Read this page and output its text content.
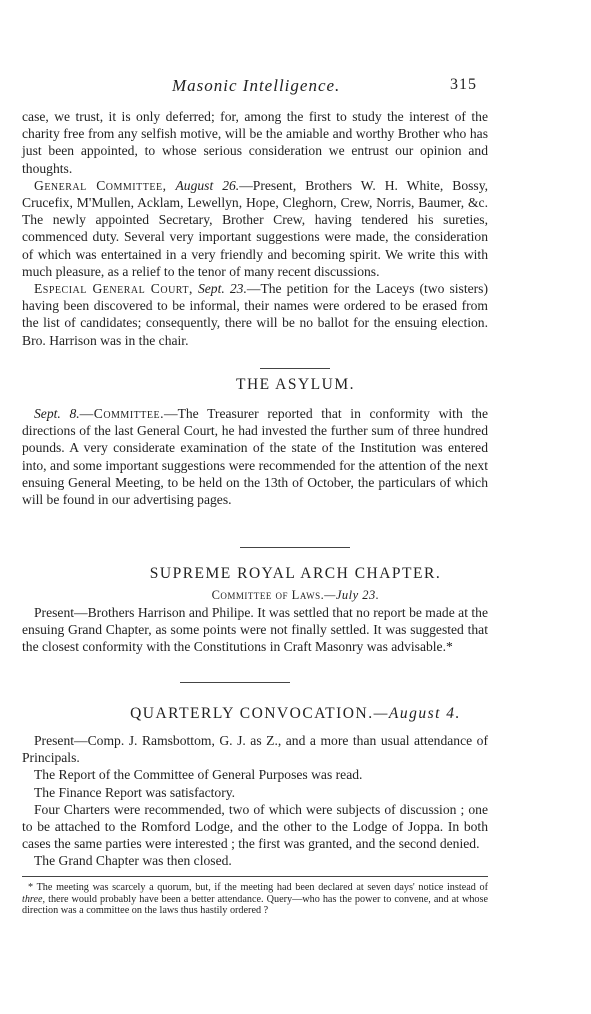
Masonic Intelligence.	315

case, we trust, it is only deferred; for, among the first to study the interest of the charity free from any selfish motive, will be the amiable and worthy Brother who has just been appointed, to whose serious consideration we entrust our opinion and thoughts.

General Committee, August 26.—Present, Brothers W. H. White, Bossy, Crucefix, M'Mullen, Acklam, Lewellyn, Hope, Cleghorn, Crew, Norris, Baumer, &c. The newly appointed Secretary, Brother Crew, having tendered his sureties, commenced duty. Several very important suggestions were made, the consideration of which was entertained in a very friendly and becoming spirit. We write this with much pleasure, as a relief to the tenor of many recent discussions.

Especial General Court, Sept. 23.—The petition for the Laceys (two sisters) having been discovered to be informal, their names were ordered to be erased from the list of candidates; consequently, there will be no ballot for the ensuing election. Bro. Harrison was in the chair.

THE ASYLUM.

Sept. 8.—Committee.—The Treasurer reported that in conformity with the directions of the last General Court, he had invested the further sum of three hundred pounds. A very considerate examination of the state of the Institution was entered into, and some important suggestions were recommended for the attention of the next ensuing General Meeting, to be held on the 13th of October, the particulars of which will be found in our advertising pages.

SUPREME ROYAL ARCH CHAPTER.
Committee of Laws.—July 23.

Present—Brothers Harrison and Philipe. It was settled that no report be made at the ensuing Grand Chapter, as some points were not finally settled. It was suggested that the closest conformity with the Constitutions in Craft Masonry was advisable.*

QUARTERLY CONVOCATION.—August 4.

Present—Comp. J. Ramsbottom, G. J. as Z., and a more than usual attendance of Principals.

The Report of the Committee of General Purposes was read.

The Finance Report was satisfactory.

Four Charters were recommended, two of which were subjects of discussion ; one to be attached to the Romford Lodge, and the other to the Lodge of Joppa. In both cases the same parties were interested ; the first was granted, and the second denied.

The Grand Chapter was then closed.

* The meeting was scarcely a quorum, but, if the meeting had been declared at seven days' notice instead of three, there would probably have been a better attendance. Query—who has the power to convene, and at whose direction was a committee on the laws thus hastily ordered ?
